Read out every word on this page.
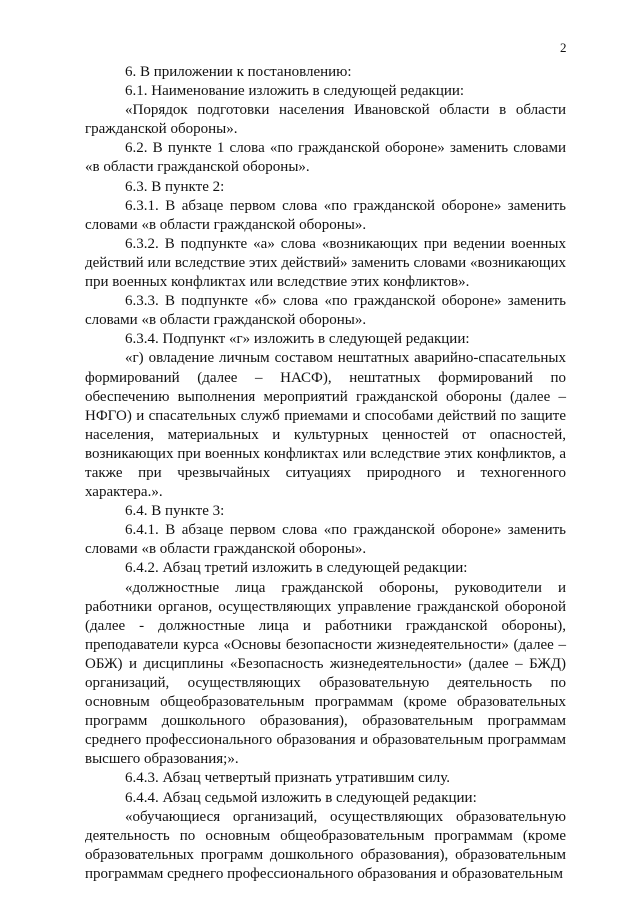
2

6. В приложении к постановлению:

6.1. Наименование изложить в следующей редакции:

«Порядок подготовки населения Ивановской области в области гражданской обороны».

6.2. В пункте 1 слова «по гражданской обороне» заменить словами «в области гражданской обороны».

6.3. В пункте 2:

6.3.1. В абзаце первом слова «по гражданской обороне» заменить словами «в области гражданской обороны».

6.3.2. В подпункте «а» слова «возникающих при ведении военных действий или вследствие этих действий» заменить словами «возникающих при военных конфликтах или вследствие этих конфликтов».

6.3.3. В подпункте «б» слова «по гражданской обороне» заменить словами «в области гражданской обороны».

6.3.4. Подпункт «г» изложить в следующей редакции:

«г) овладение личным составом нештатных аварийно-спасательных формирований (далее – НАСФ), нештатных формирований по обеспечению выполнения мероприятий гражданской обороны (далее – НФГО) и спасательных служб приемами и способами действий по защите населения, материальных и культурных ценностей от опасностей, возникающих при военных конфликтах или вследствие этих конфликтов, а также при чрезвычайных ситуациях природного и техногенного характера.».

6.4. В пункте 3:

6.4.1. В абзаце первом слова «по гражданской обороне» заменить словами «в области гражданской обороны».

6.4.2. Абзац третий изложить в следующей редакции:

«должностные лица гражданской обороны, руководители и работники органов, осуществляющих управление гражданской обороной (далее - должностные лица и работники гражданской обороны), преподаватели курса «Основы безопасности жизнедеятельности» (далее – ОБЖ) и дисциплины «Безопасность жизнедеятельности» (далее – БЖД) организаций, осуществляющих образовательную деятельность по основным общеобразовательным программам (кроме образовательных программ дошкольного образования), образовательным программам среднего профессионального образования и образовательным программам высшего образования;».

6.4.3. Абзац четвертый признать утратившим силу.

6.4.4. Абзац седьмой изложить в следующей редакции:

«обучающиеся организаций, осуществляющих образовательную деятельность по основным общеобразовательным программам (кроме образовательных программ дошкольного образования), образовательным программам среднего профессионального образования и образовательным
